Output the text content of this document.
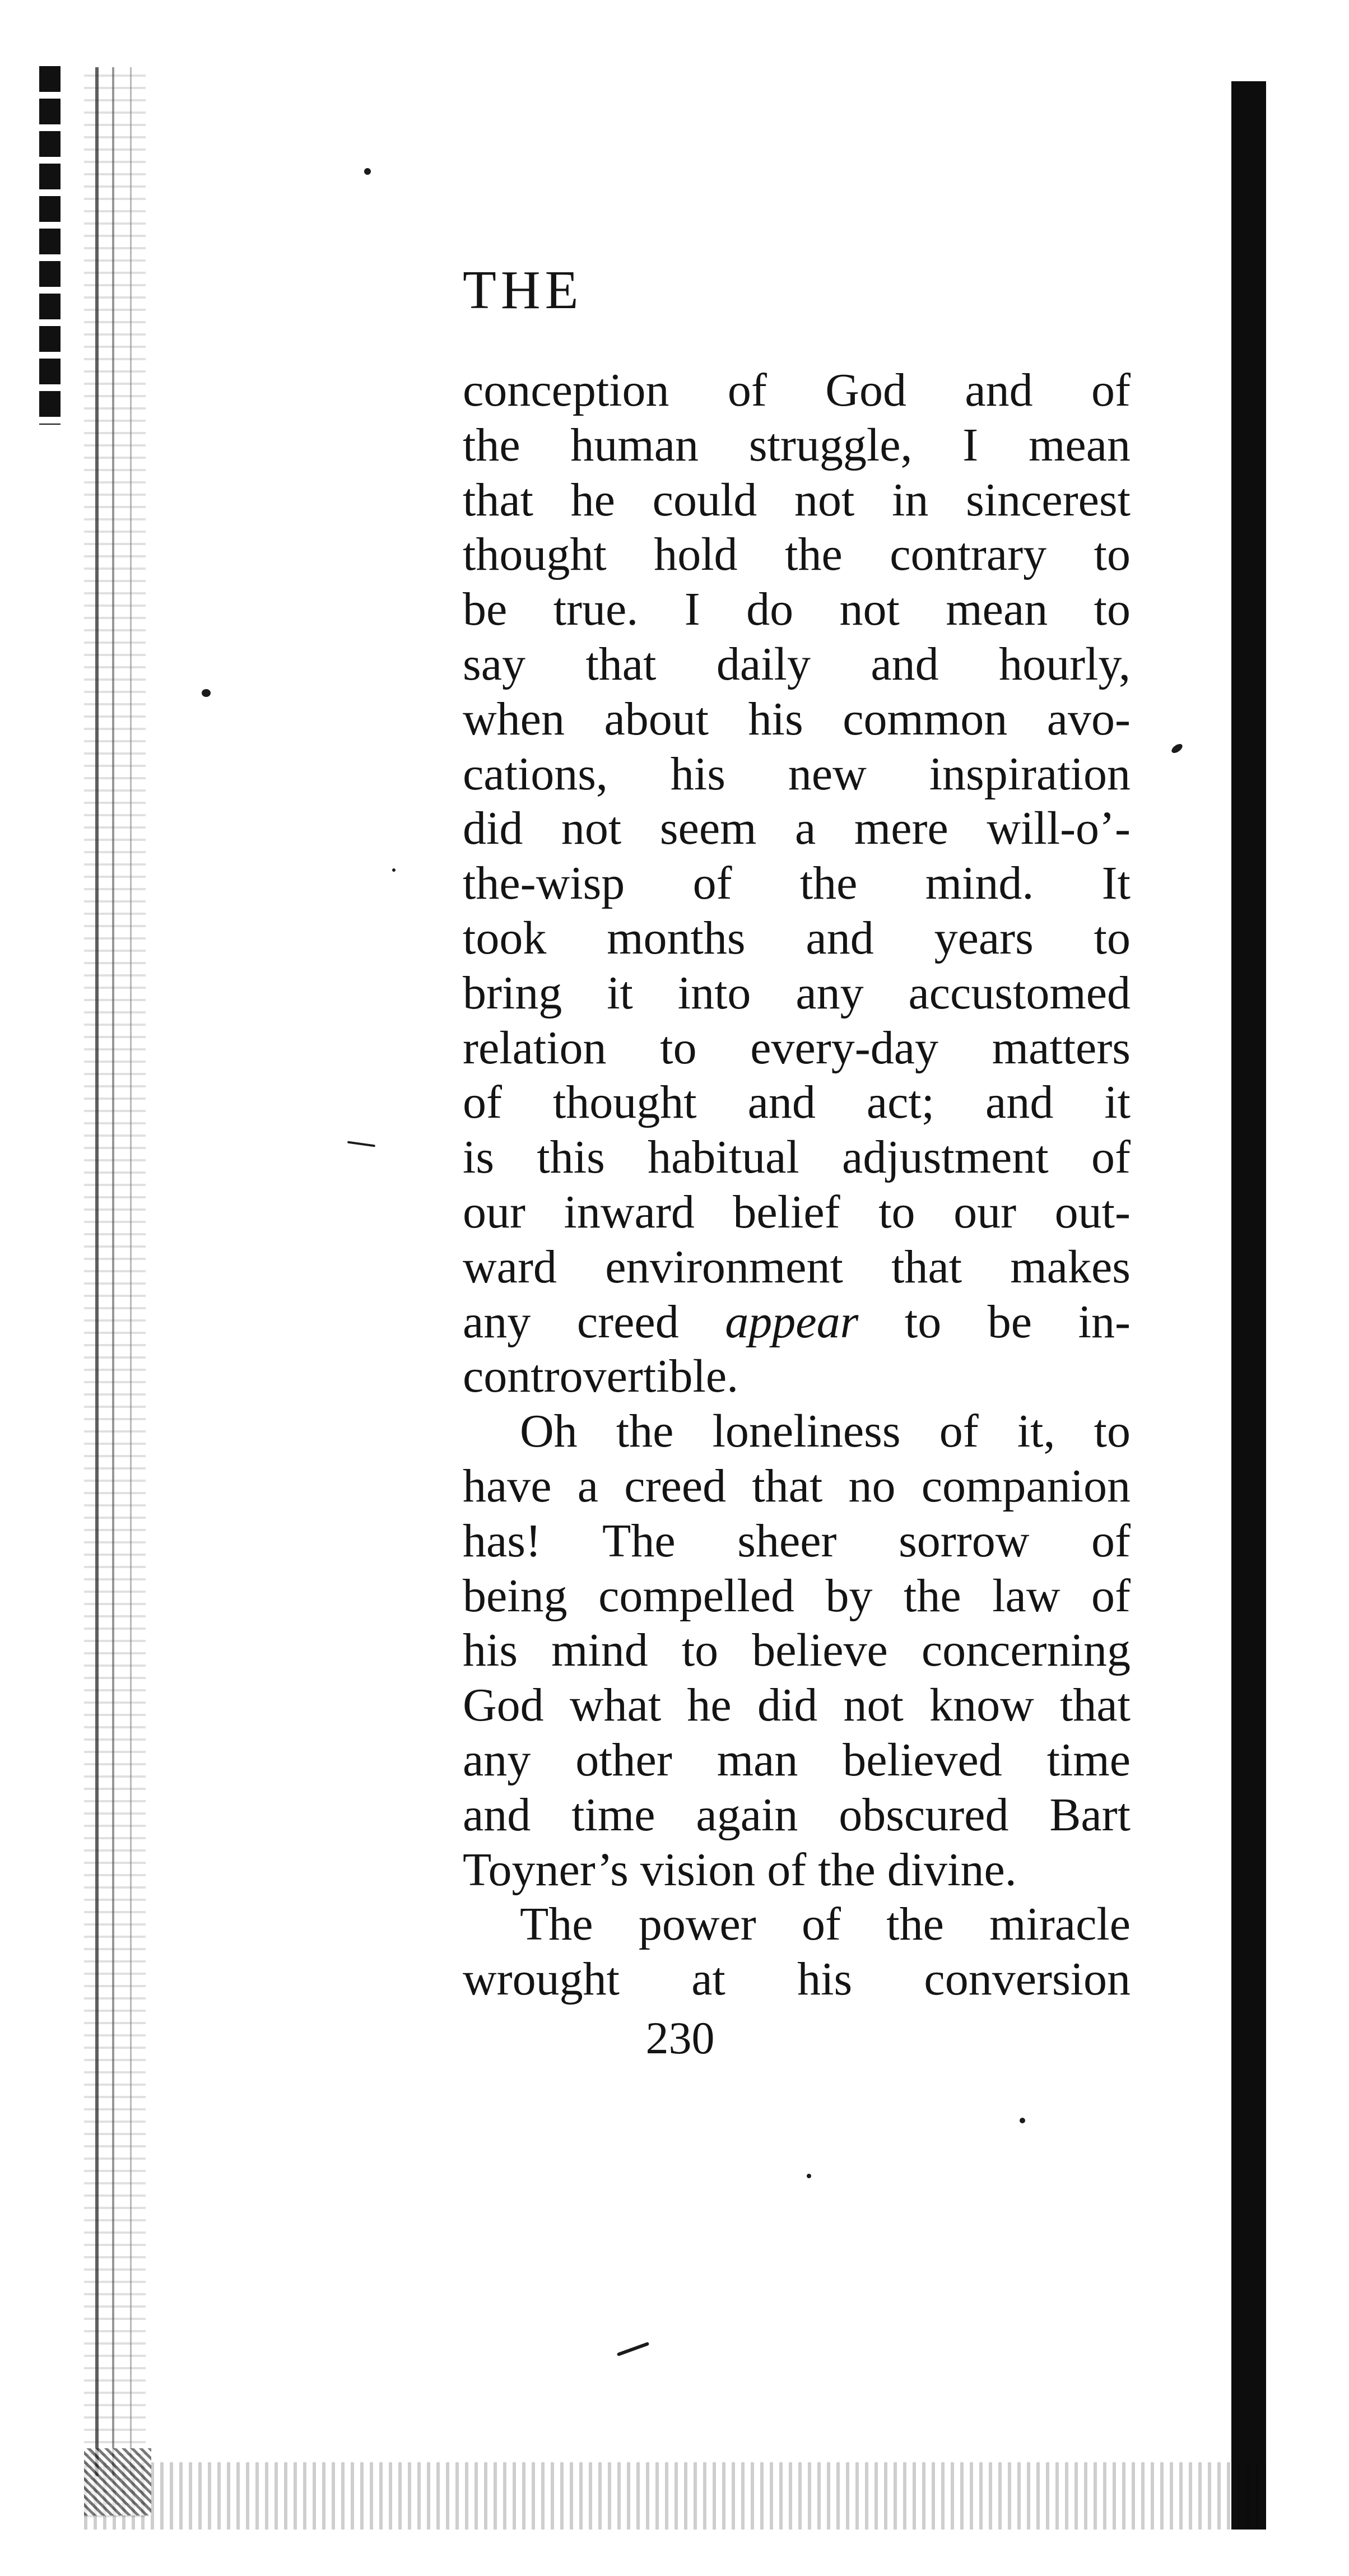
THE
conception of God and of
the human struggle, I mean
that he could not in sincerest
thought hold the contrary to
be true. I do not mean to
say that daily and hourly,
when about his common avo-
cations, his new inspiration
did not seem a mere will-o’-
the-wisp of the mind. It
took months and years to
bring it into any accustomed
relation to every-day matters
of thought and act; and it
is this habitual adjustment of
our inward belief to our out-
ward environment that makes
any creed appear to be in-
controvertible.
Oh the loneliness of it, to
have a creed that no companion
has! The sheer sorrow of
being compelled by the law of
his mind to believe concerning
God what he did not know that
any other man believed time
and time again obscured Bart
Toyner’s vision of the divine.
The power of the miracle
wrought at his conversion
230
